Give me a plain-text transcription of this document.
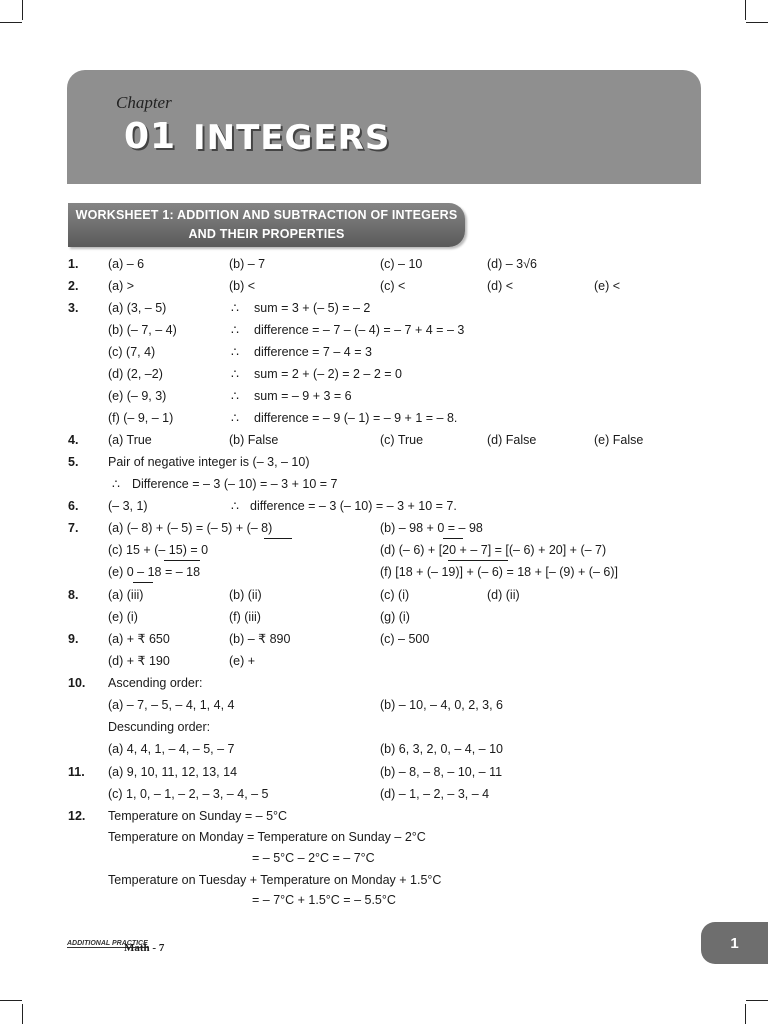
Chapter
01 INTEGERS
WORKSHEET 1: ADDITION AND SUBTRACTION OF INTEGERS
AND THEIR PROPERTIES
1. (a) – 6	(b) – 7	(c) – 10	(d) – 3√6
2. (a) >	(b) <	(c) <	(d) <	(e) <
3. (a) (3, – 5)	∴ sum = 3 + (– 5) = – 2
(b) (– 7, – 4)	∴ difference = – 7 – (– 4) = – 7 + 4 = – 3
(c) (7, 4)	∴ difference = 7 – 4 = 3
(d) (2, –2)	∴ sum = 2 + (– 2) = 2 – 2 = 0
(e) (– 9, 3)	∴ sum = – 9 + 3 = 6
(f) (– 9, – 1)	∴ difference = – 9 (– 1) = – 9 + 1 = – 8.
4. (a) True	(b) False	(c) True	(d) False	(e) False
5. Pair of negative integer is (– 3, – 10)
∴ Difference = – 3 (– 10) = – 3 + 10 = 7
6. (– 3, 1)	∴ difference = – 3 (– 10) = – 3 + 10 = 7.
7. (a) (– 8) + (– 5) = (– 5) + (– 8)	(b) – 98 + 0 = – 98
(c) 15 + (– 15) = 0	(d) (– 6) + [20 + – 7] = [(– 6) + 20] + (– 7)
(e) 0 – 18 = – 18	(f) [18 + (– 19)] + (– 6) = 18 + [– (9) + (– 6)]
8. (a) (iii)	(b) (ii)	(c) (i)	(d) (ii)
(e) (i)	(f) (iii)	(g) (i)
9. (a) + ₹ 650	(b) – ₹ 890	(c) – 500
(d) + ₹ 190	(e) +
10. Ascending order:
(a) – 7, – 5, – 4, 1, 4, 4	(b) – 10, – 4, 0, 2, 3, 6
Descunding order:
(a) 4, 4, 1, – 4, – 5, – 7	(b) 6, 3, 2, 0, – 4, – 10
11. (a) 9, 10, 11, 12, 13, 14	(b) – 8, – 8, – 10, – 11
(c) 1, 0, – 1, – 2, – 3, – 4, – 5	(d) – 1, – 2, – 3, – 4
12. Temperature on Sunday = – 5°C
Temperature on Monday = Temperature on Sunday – 2°C
= – 5°C – 2°C = – 7°C
Temperature on Tuesday + Temperature on Monday + 1.5°C
= – 7°C + 1.5°C = – 5.5°C
ADDITIONAL PRACTICE
Math - 7	1
